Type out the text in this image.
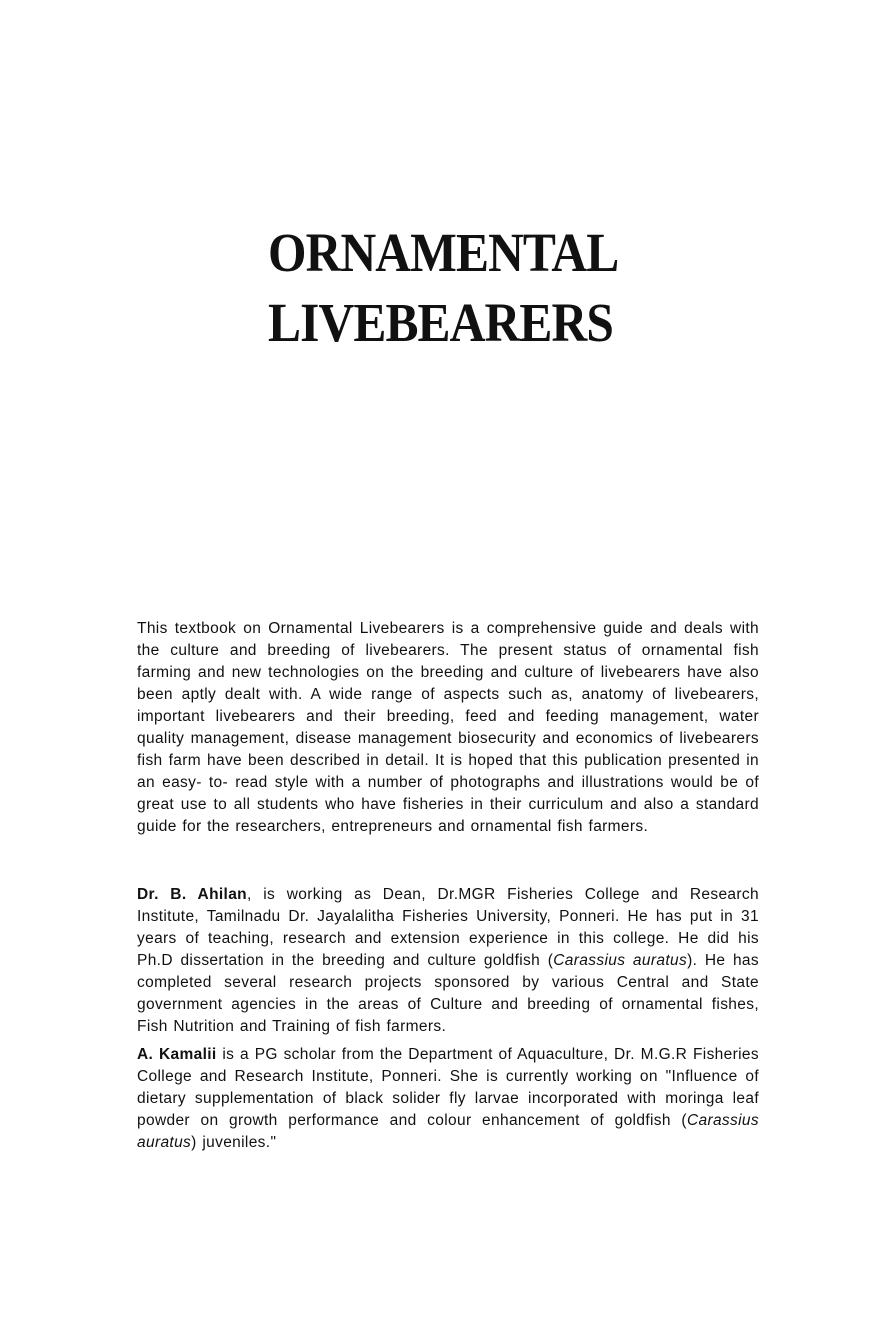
ORNAMENTAL
LIVEBEARERS

This textbook on Ornamental Livebearers is a comprehensive guide and deals with the culture and breeding of livebearers. The present status of ornamental fish farming and new technologies on the breeding and culture of livebearers have also been aptly dealt with. A wide range of aspects such as, anatomy of livebearers, important livebearers and their breeding, feed and feeding management, water quality management, disease management biosecurity and economics of livebearers fish farm have been described in detail. It is hoped that this publication presented in an easy- to- read style with a number of photographs and illustrations would be of great use to all students who have fisheries in their curriculum and also a standard guide for the researchers, entrepreneurs and ornamental fish farmers.

Dr. B. Ahilan, is working as Dean, Dr.MGR Fisheries College and Research Institute, Tamilnadu Dr. Jayalalitha Fisheries University, Ponneri. He has put in 31 years of teaching, research and extension experience in this college. He did his Ph.D dissertation in the breeding and culture goldfish (Carassius auratus). He has completed several research projects sponsored by various Central and State government agencies in the areas of Culture and breeding of ornamental fishes, Fish Nutrition and Training of fish farmers.

A. Kamalii is a PG scholar from the Department of Aquaculture, Dr. M.G.R Fisheries College and Research Institute, Ponneri. She is currently working on "Influence of dietary supplementation of black solider fly larvae incorporated with moringa leaf powder on growth performance and colour enhancement of goldfish (Carassius auratus) juveniles."
